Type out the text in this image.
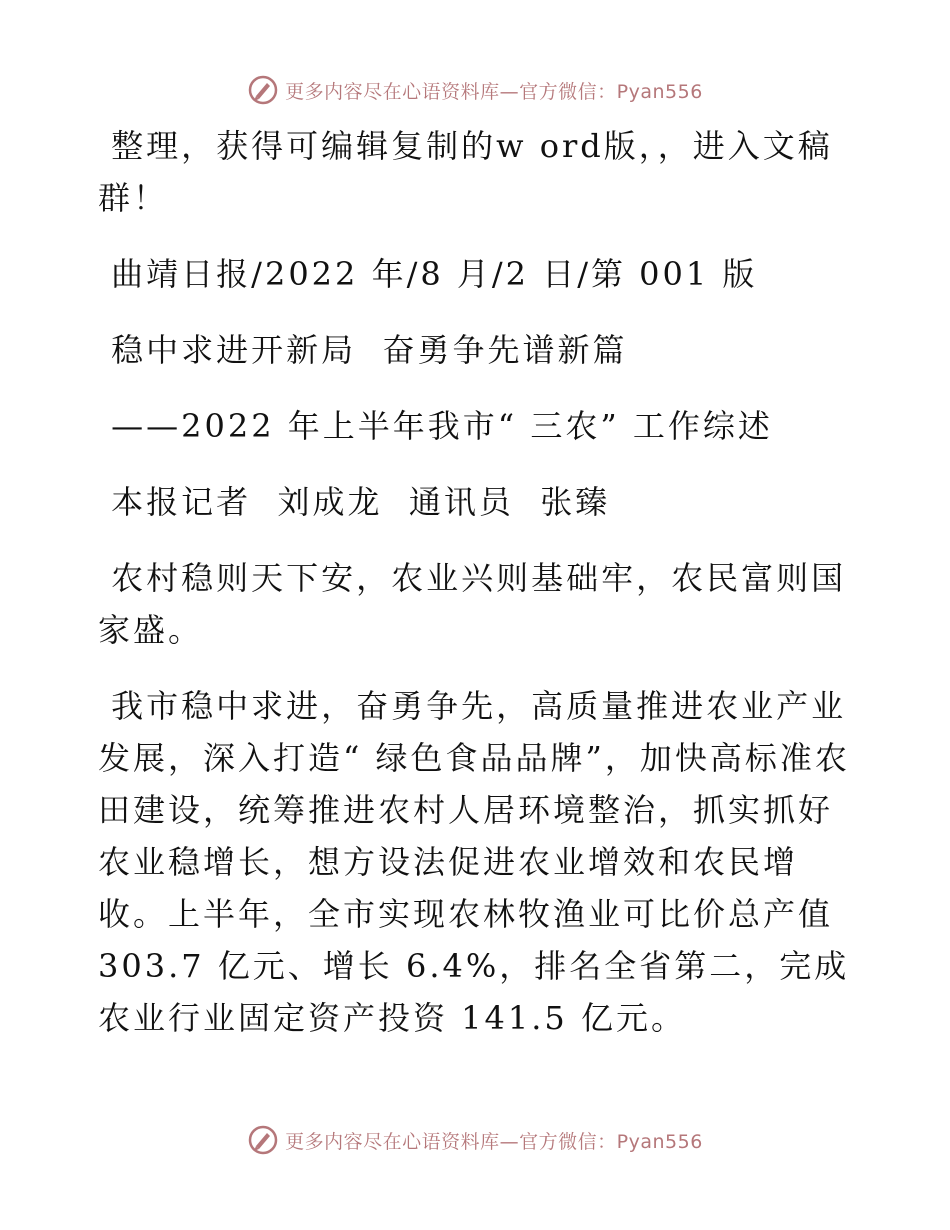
更多内容尽在心语资料库—官方微信：Pyan556

整理，获得可编辑复制的w ord版，，进入文稿群！

曲靖日报/2022 年/8 月/2 日/第 001 版

稳中求进开新局  奋勇争先谱新篇

——2022 年上半年我市“ 三农” 工作综述

本报记者  刘成龙  通讯员  张臻

农村稳则天下安，农业兴则基础牢，农民富则国家盛。

我市稳中求进，奋勇争先，高质量推进农业产业发展，深入打造“ 绿色食品品牌”，加快高标准农田建设，统筹推进农村人居环境整治，抓实抓好农业稳增长，想方设法促进农业增效和农民增收。上半年，全市实现农林牧渔业可比价总产值 303.7 亿元、增长 6.4%，排名全省第二，完成农业行业固定资产投资 141.5 亿元。

更多内容尽在心语资料库—官方微信：Pyan556
